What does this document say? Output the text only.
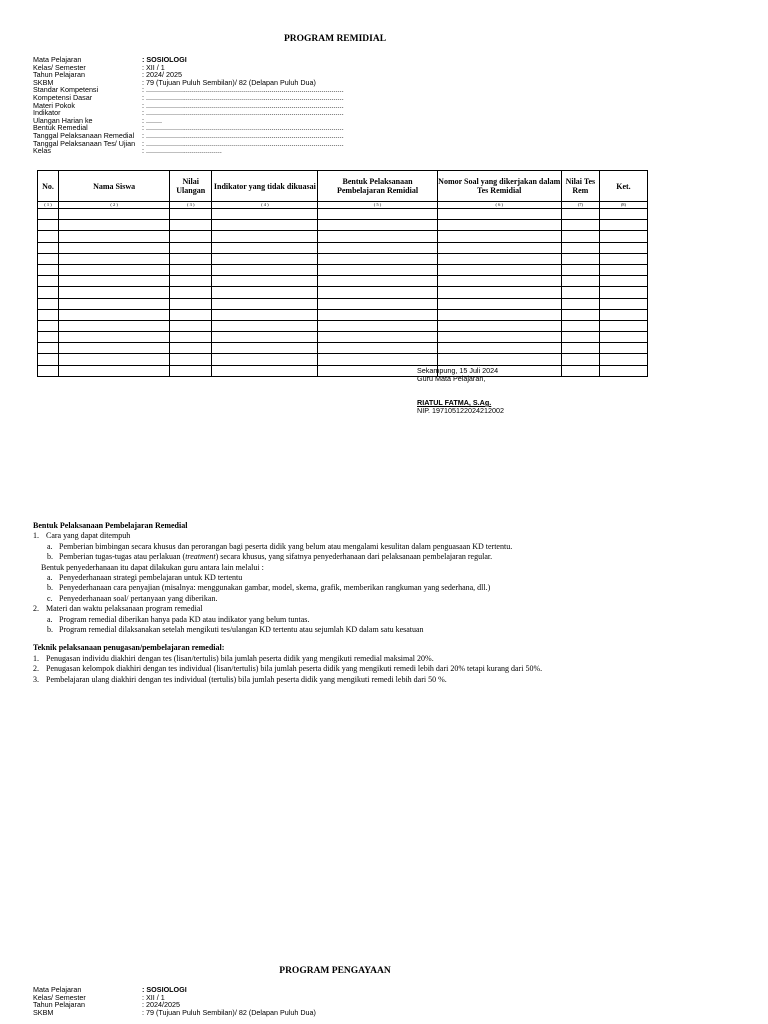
PROGRAM REMIDIAL
Mata Pelajaran	: SOSIOLOGI
Kelas/ Semester	: XII / 1
Tahun Pelajaran	: 2024/ 2025
SKBM	: 79 (Tujuan Puluh Sembilan)/ 82 (Delapan Puluh Dua)
Standar Kompetensi	: ...................................................................................................
Kompetensi Dasar	: ...................................................................................................
Materi Pokok	: ...................................................................................................
Indikator	: ...................................................................................................
Ulangan Harian ke	: ........
Bentuk Remedial	: ...................................................................................................
Tanggal Pelaksanaan Remedial	: ...................................................................................................
Tanggal Pelaksanaan Tes/ Ujian : ...................................................................................................
Kelas	: ......................................
No.	Nama Siswa	Nilai Ulangan	Indikator yang tidak dikuasai	Bentuk Pelaksanaan Pembelajaran Remidial	Nomor Soal yang dikerjakan dalam Tes Remidial	Nilai Tes Rem	Ket.
( 1 )	( 2 )	( 3 )	( 4 )	( 5 )	( 6 )	(7)	(8)

Sekampung, 15 Juli 2024
Guru Mata Pelajaran,
RIATUL FATMA, S.Ag.
NIP. 197105122024212002
Bentuk Pelaksanaan Pembelajaran Remedial
1. Cara yang dapat ditempuh
a. Pemberian bimbingan secara khusus dan perorangan bagi peserta didik yang belum atau mengalami kesulitan dalam penguasaan KD tertentu.
b. Pemberian tugas-tugas atau perlakuan (treatment) secara khusus, yang sifatnya penyederhanaan dari pelaksanaan pembelajaran regular.
Bentuk penyederhanaan itu dapat dilakukan guru antara lain melalui :
a. Penyederhanaan strategi pembelajaran untuk KD tertentu
b. Penyederhanaan cara penyajian (misalnya: menggunakan gambar, model, skema, grafik, memberikan rangkuman yang sederhana, dll.)
c. Penyederhanaan soal/ pertanyaan yang diberikan.
2. Materi dan waktu pelaksanaan program remedial
a. Program remedial diberikan hanya pada KD atau indikator yang belum tuntas.
b. Program remedial dilaksanakan setelah mengikuti tes/ulangan KD tertentu atau sejumlah KD dalam satu kesatuan
Teknik pelaksanaan penugasan/pembelajaran remedial:
1. Penugasan individu diakhiri dengan tes (lisan/tertulis) bila jumlah peserta didik yang mengikuti remedial maksimal 20%.
2. Penugasan kelompok diakhiri dengan tes individual (lisan/tertulis) bila jumlah peserta didik yang mengikuti remedi lebih dari 20% tetapi kurang dari 50%.
3. Pembelajaran ulang diakhiri dengan tes individual (tertulis) bila jumlah peserta didik yang mengikuti remedi lebih dari 50 %.
PROGRAM PENGAYAAN
Mata Pelajaran	: SOSIOLOGI
Kelas/ Semester	: XII / 1
Tahun Pelajaran	: 2024/2025
SKBM	: 79 (Tujuan Puluh Sembilan)/ 82 (Delapan Puluh Dua)
